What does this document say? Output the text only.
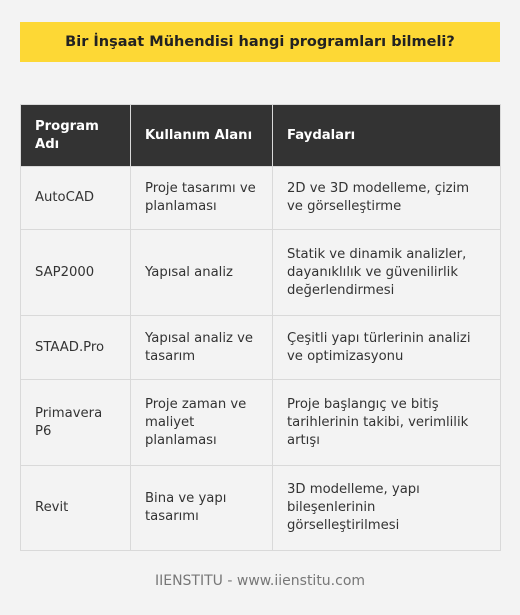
Bir İnşaat Mühendisi hangi programları bilmeli?
Program Adı	Kullanım Alanı	Faydaları
AutoCAD	Proje tasarımı ve planlaması	2D ve 3D modelleme, çizim ve görselleştirme
SAP2000	Yapısal analiz	Statik ve dinamik analizler, dayanıklılık ve güvenilirlik değerlendirmesi
STAAD.Pro	Yapısal analiz ve tasarım	Çeşitli yapı türlerinin analizi ve optimizasyonu
Primavera P6	Proje zaman ve maliyet planlaması	Proje başlangıç ve bitiş tarihlerinin takibi, verimlilik artışı
Revit	Bina ve yapı tasarımı	3D modelleme, yapı bileşenlerinin görselleştirilmesi
IIENSTITU - www.iienstitu.com
